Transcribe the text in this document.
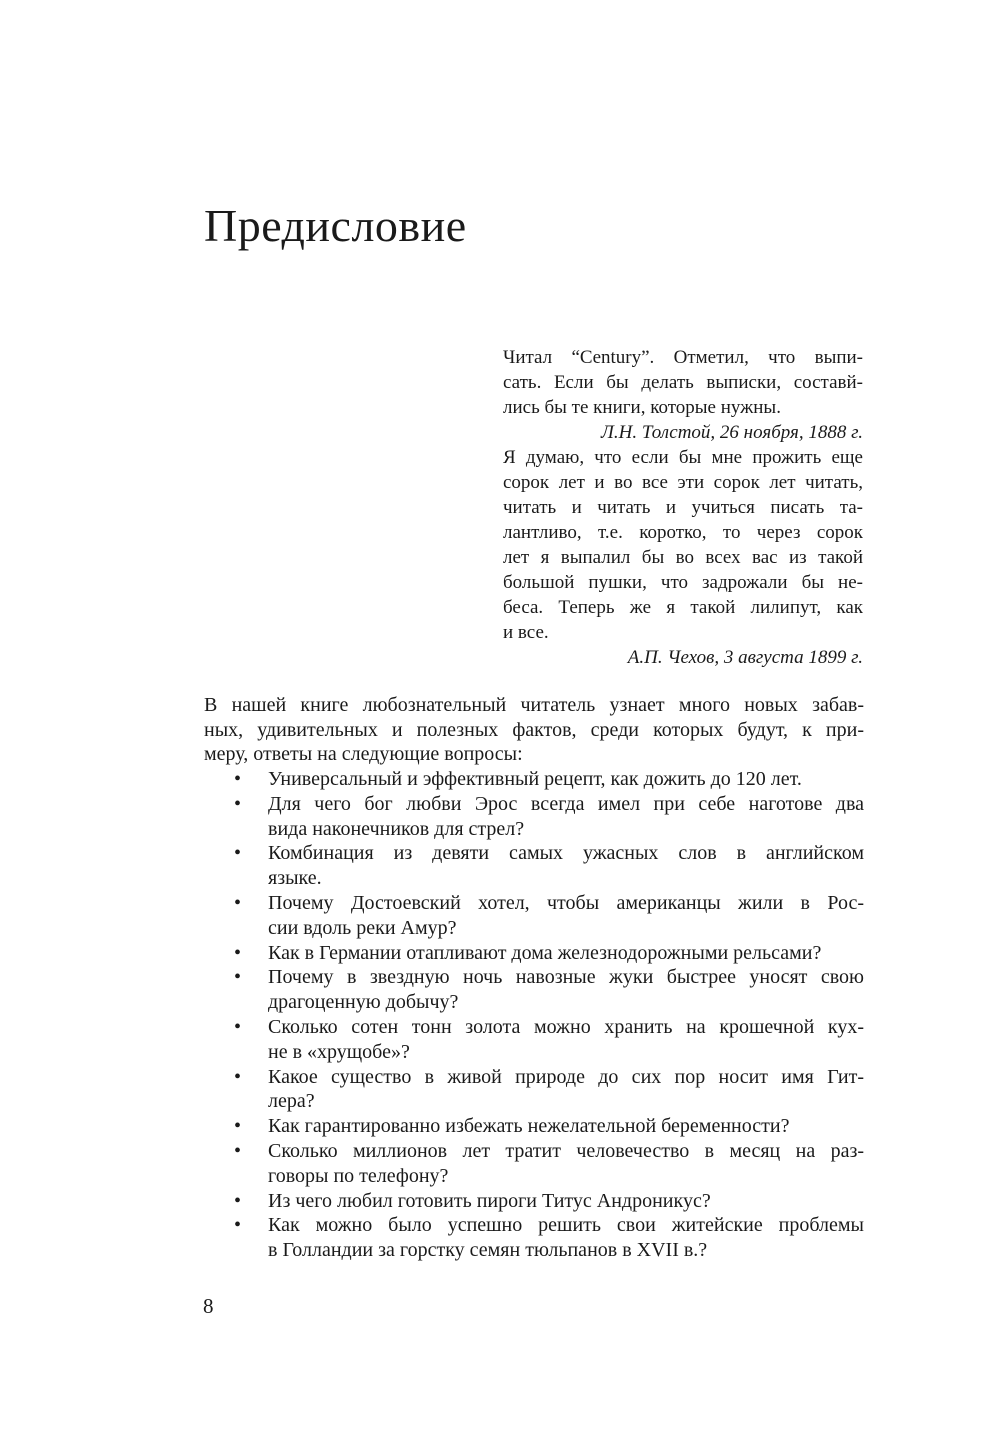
Предисловие

Читал “Century”. Отметил, что выпи-
сать. Если бы делать выписки, составй-
лись бы те книги, которые нужны.

Л.Н. Толстой, 26 ноября, 1888 г.

Я думаю, что если бы мне прожить еще
сорок лет и во все эти сорок лет читать,
читать и читать и учиться писать та-
лантливо, т.е. коротко, то через сорок
лет я выпалил бы во всех вас из такой
большой пушки, что задрожали бы не-
беса. Теперь же я такой лилипут, как
и все.

А.П. Чехов, 3 августа 1899 г.

В нашей книге любознательный читатель узнает много новых забав-
ных, удивительных и полезных фактов, среди которых будут, к при-
меру, ответы на следующие вопросы:

• Универсальный и эффективный рецепт, как дожить до 120 лет.
• Для чего бог любви Эрос всегда имел при себе наготове два
вида наконечников для стрел?
• Комбинация из девяти самых ужасных слов в английском
языке.
• Почему Достоевский хотел, чтобы американцы жили в Рос-
сии вдоль реки Амур?
• Как в Германии отапливают дома железнодорожными рельсами?
• Почему в звездную ночь навозные жуки быстрее уносят свою
драгоценную добычу?
• Сколько сотен тонн золота можно хранить на крошечной кух-
не в «хрущобе»?
• Какое существо в живой природе до сих пор носит имя Гит-
лера?
• Как гарантированно избежать нежелательной беременности?
• Сколько миллионов лет тратит человечество в месяц на раз-
говоры по телефону?
• Из чего любил готовить пироги Титус Андроникус?
• Как можно было успешно решить свои житейские проблемы
в Голландии за горстку семян тюльпанов в XVII в.?
8
